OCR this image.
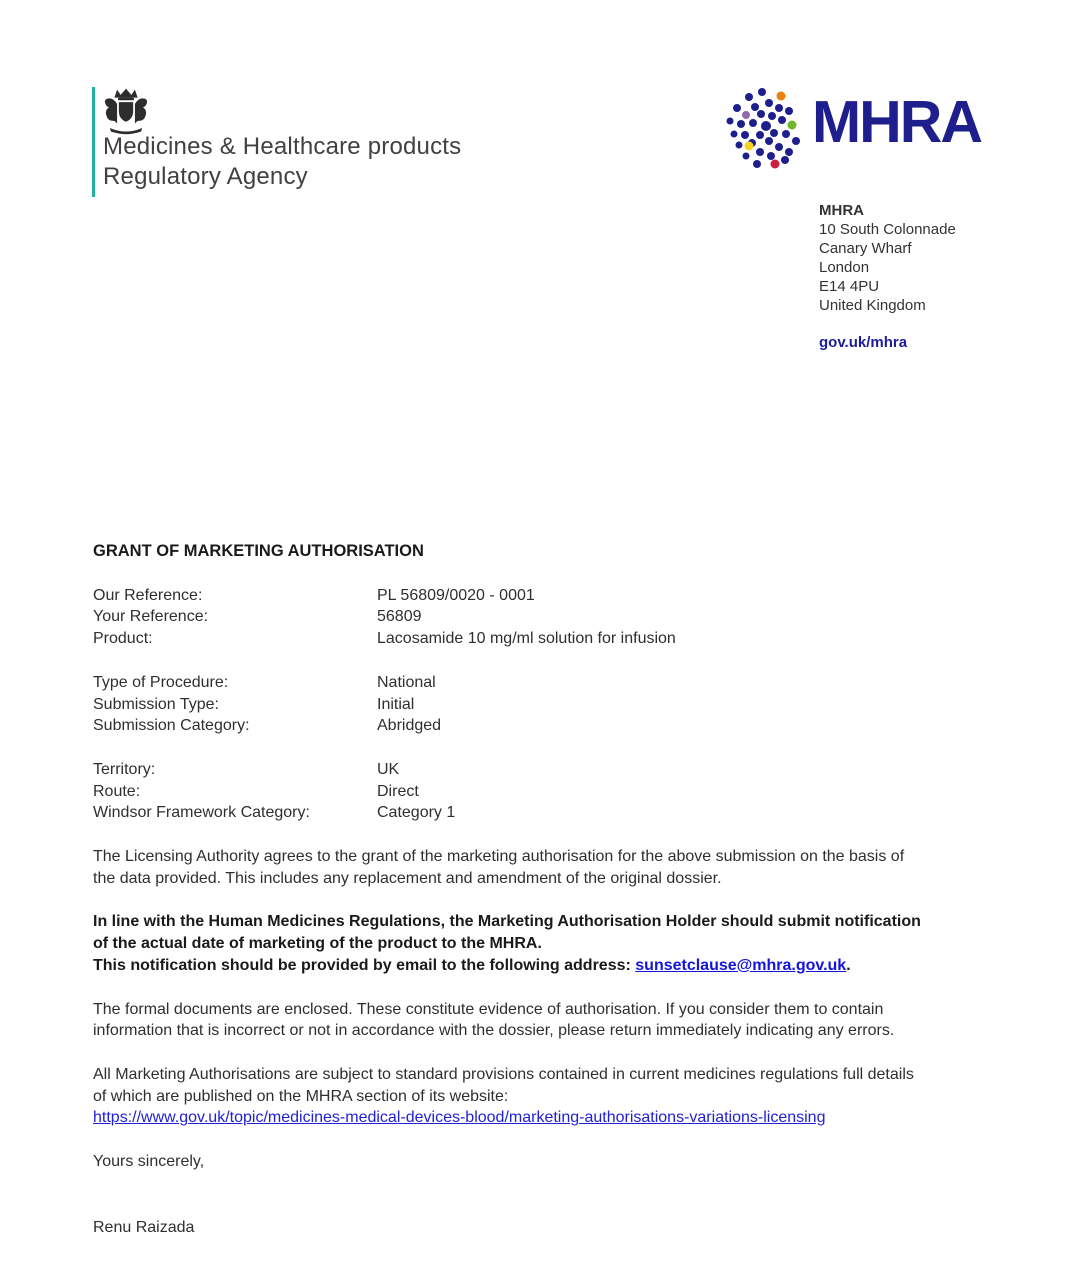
Medicines & Healthcare products
Regulatory Agency
MHRA
MHRA
10 South Colonnade
Canary Wharf
London
E14 4PU
United Kingdom
gov.uk/mhra
GRANT OF MARKETING AUTHORISATION
Our Reference:	PL 56809/0020 - 0001
Your Reference:	56809
Product:	Lacosamide 10 mg/ml solution for infusion
Type of Procedure:	National
Submission Type:	Initial
Submission Category:	Abridged
Territory:	UK
Route:	Direct
Windsor Framework Category:	Category 1
The Licensing Authority agrees to the grant of the marketing authorisation for the above submission on the basis of
the data provided. This includes any replacement and amendment of the original dossier.
In line with the Human Medicines Regulations, the Marketing Authorisation Holder should submit notification
of the actual date of marketing of the product to the MHRA.
This notification should be provided by email to the following address: sunsetclause@mhra.gov.uk.
The formal documents are enclosed. These constitute evidence of authorisation. If you consider them to contain
information that is incorrect or not in accordance with the dossier, please return immediately indicating any errors.
All Marketing Authorisations are subject to standard provisions contained in current medicines regulations full details
of which are published on the MHRA section of its website:
https://www.gov.uk/topic/medicines-medical-devices-blood/marketing-authorisations-variations-licensing
Yours sincerely,
Renu Raizada
